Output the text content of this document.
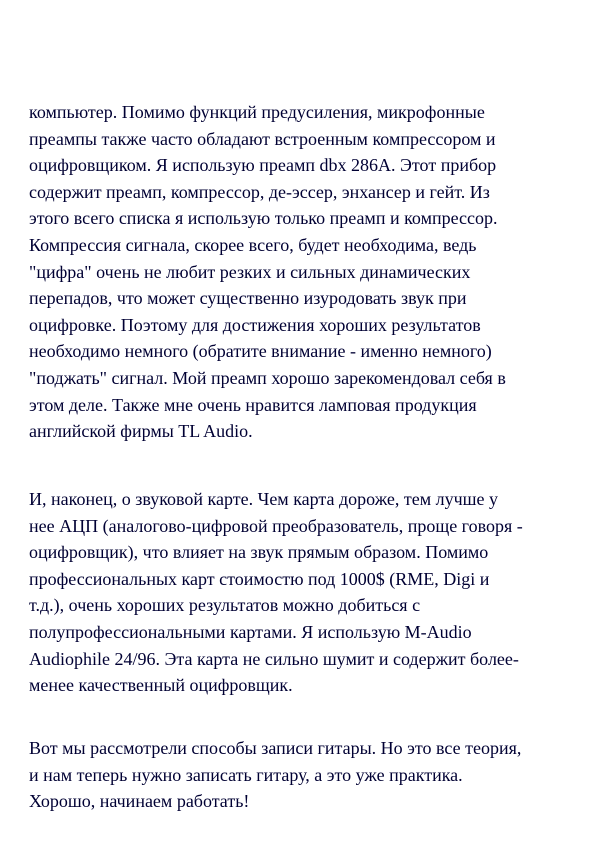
компьютер. Помимо функций предусиления, микрофонные
преампы также часто обладают встроенным компрессором и
оцифровщиком. Я использую преамп dbx 286A. Этот прибор
содержит преамп, компрессор, де-эссер, энхансер и гейт. Из
этого всего списка я использую только преамп и компрессор.
Компрессия сигнала, скорее всего, будет необходима, ведь
"цифра" очень не любит резких и сильных динамических
перепадов, что может существенно изуродовать звук при
оцифровке. Поэтому для достижения хороших результатов
необходимо немного (обратите внимание - именно немного)
"поджать" сигнал. Мой преамп хорошо зарекомендовал себя в
этом деле. Также мне очень нравится ламповая продукция
английской фирмы TL Audio.
И, наконец, о звуковой карте. Чем карта дороже, тем лучше у
нее АЦП (аналогово-цифровой преобразователь, проще говоря -
оцифровщик), что влияет на звук прямым образом. Помимо
профессиональных карт стоимостю под 1000$ (RME, Digi и
т.д.), очень хороших результатов можно добиться с
полупрофессиональными картами. Я использую M-Audio
Audiophile 24/96. Эта карта не сильно шумит и содержит более-
менее качественный оцифровщик.
Вот мы рассмотрели способы записи гитары. Но это все теория,
и нам теперь нужно записать гитару, а это уже практика.
Хорошо, начинаем работать!
